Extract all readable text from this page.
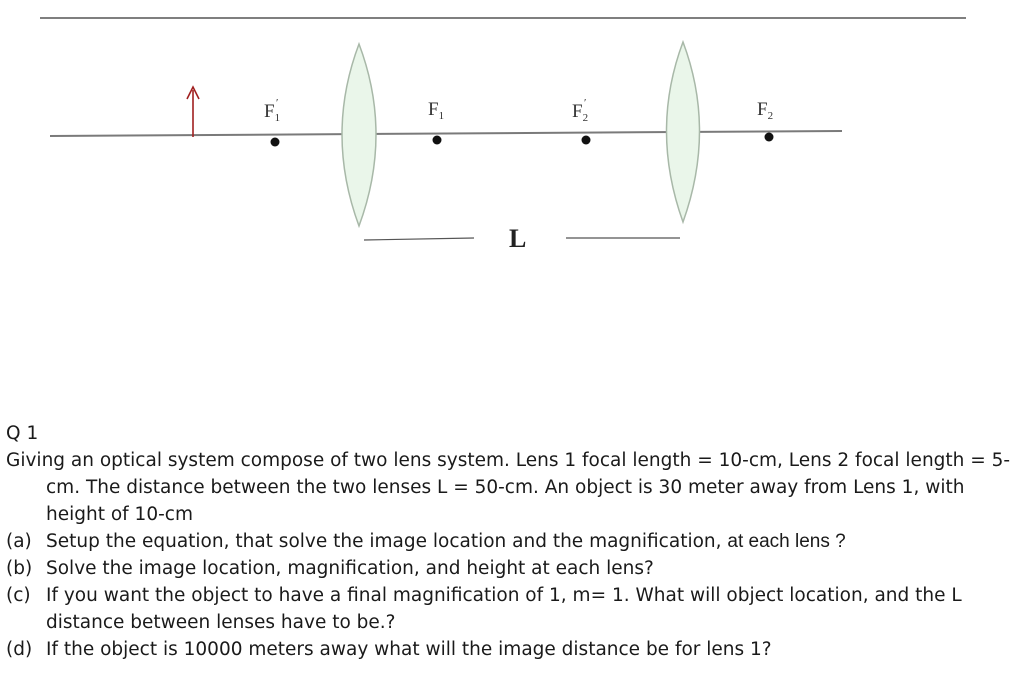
$F_1$
′	$F_1$	$F_2$
′	$F_2$
L

Q 1

Giving an optical system compose of two lens system. Lens 1 focal length = 10-cm, Lens 2 focal length = 5-cm. The distance between the two lenses L = 50-cm. An object is 30 meter away from Lens 1, with height of 10-cm

(a) Setup the equation, that solve the image location and the magnification, at each lens ?
(b) Solve the image location, magnification, and height at each lens?
(c) If you want the object to have a final magnification of 1, m= 1. What will object location, and the L distance between lenses have to be.?
(d) If the object is 10000 meters away what will the image distance be for lens 1?
